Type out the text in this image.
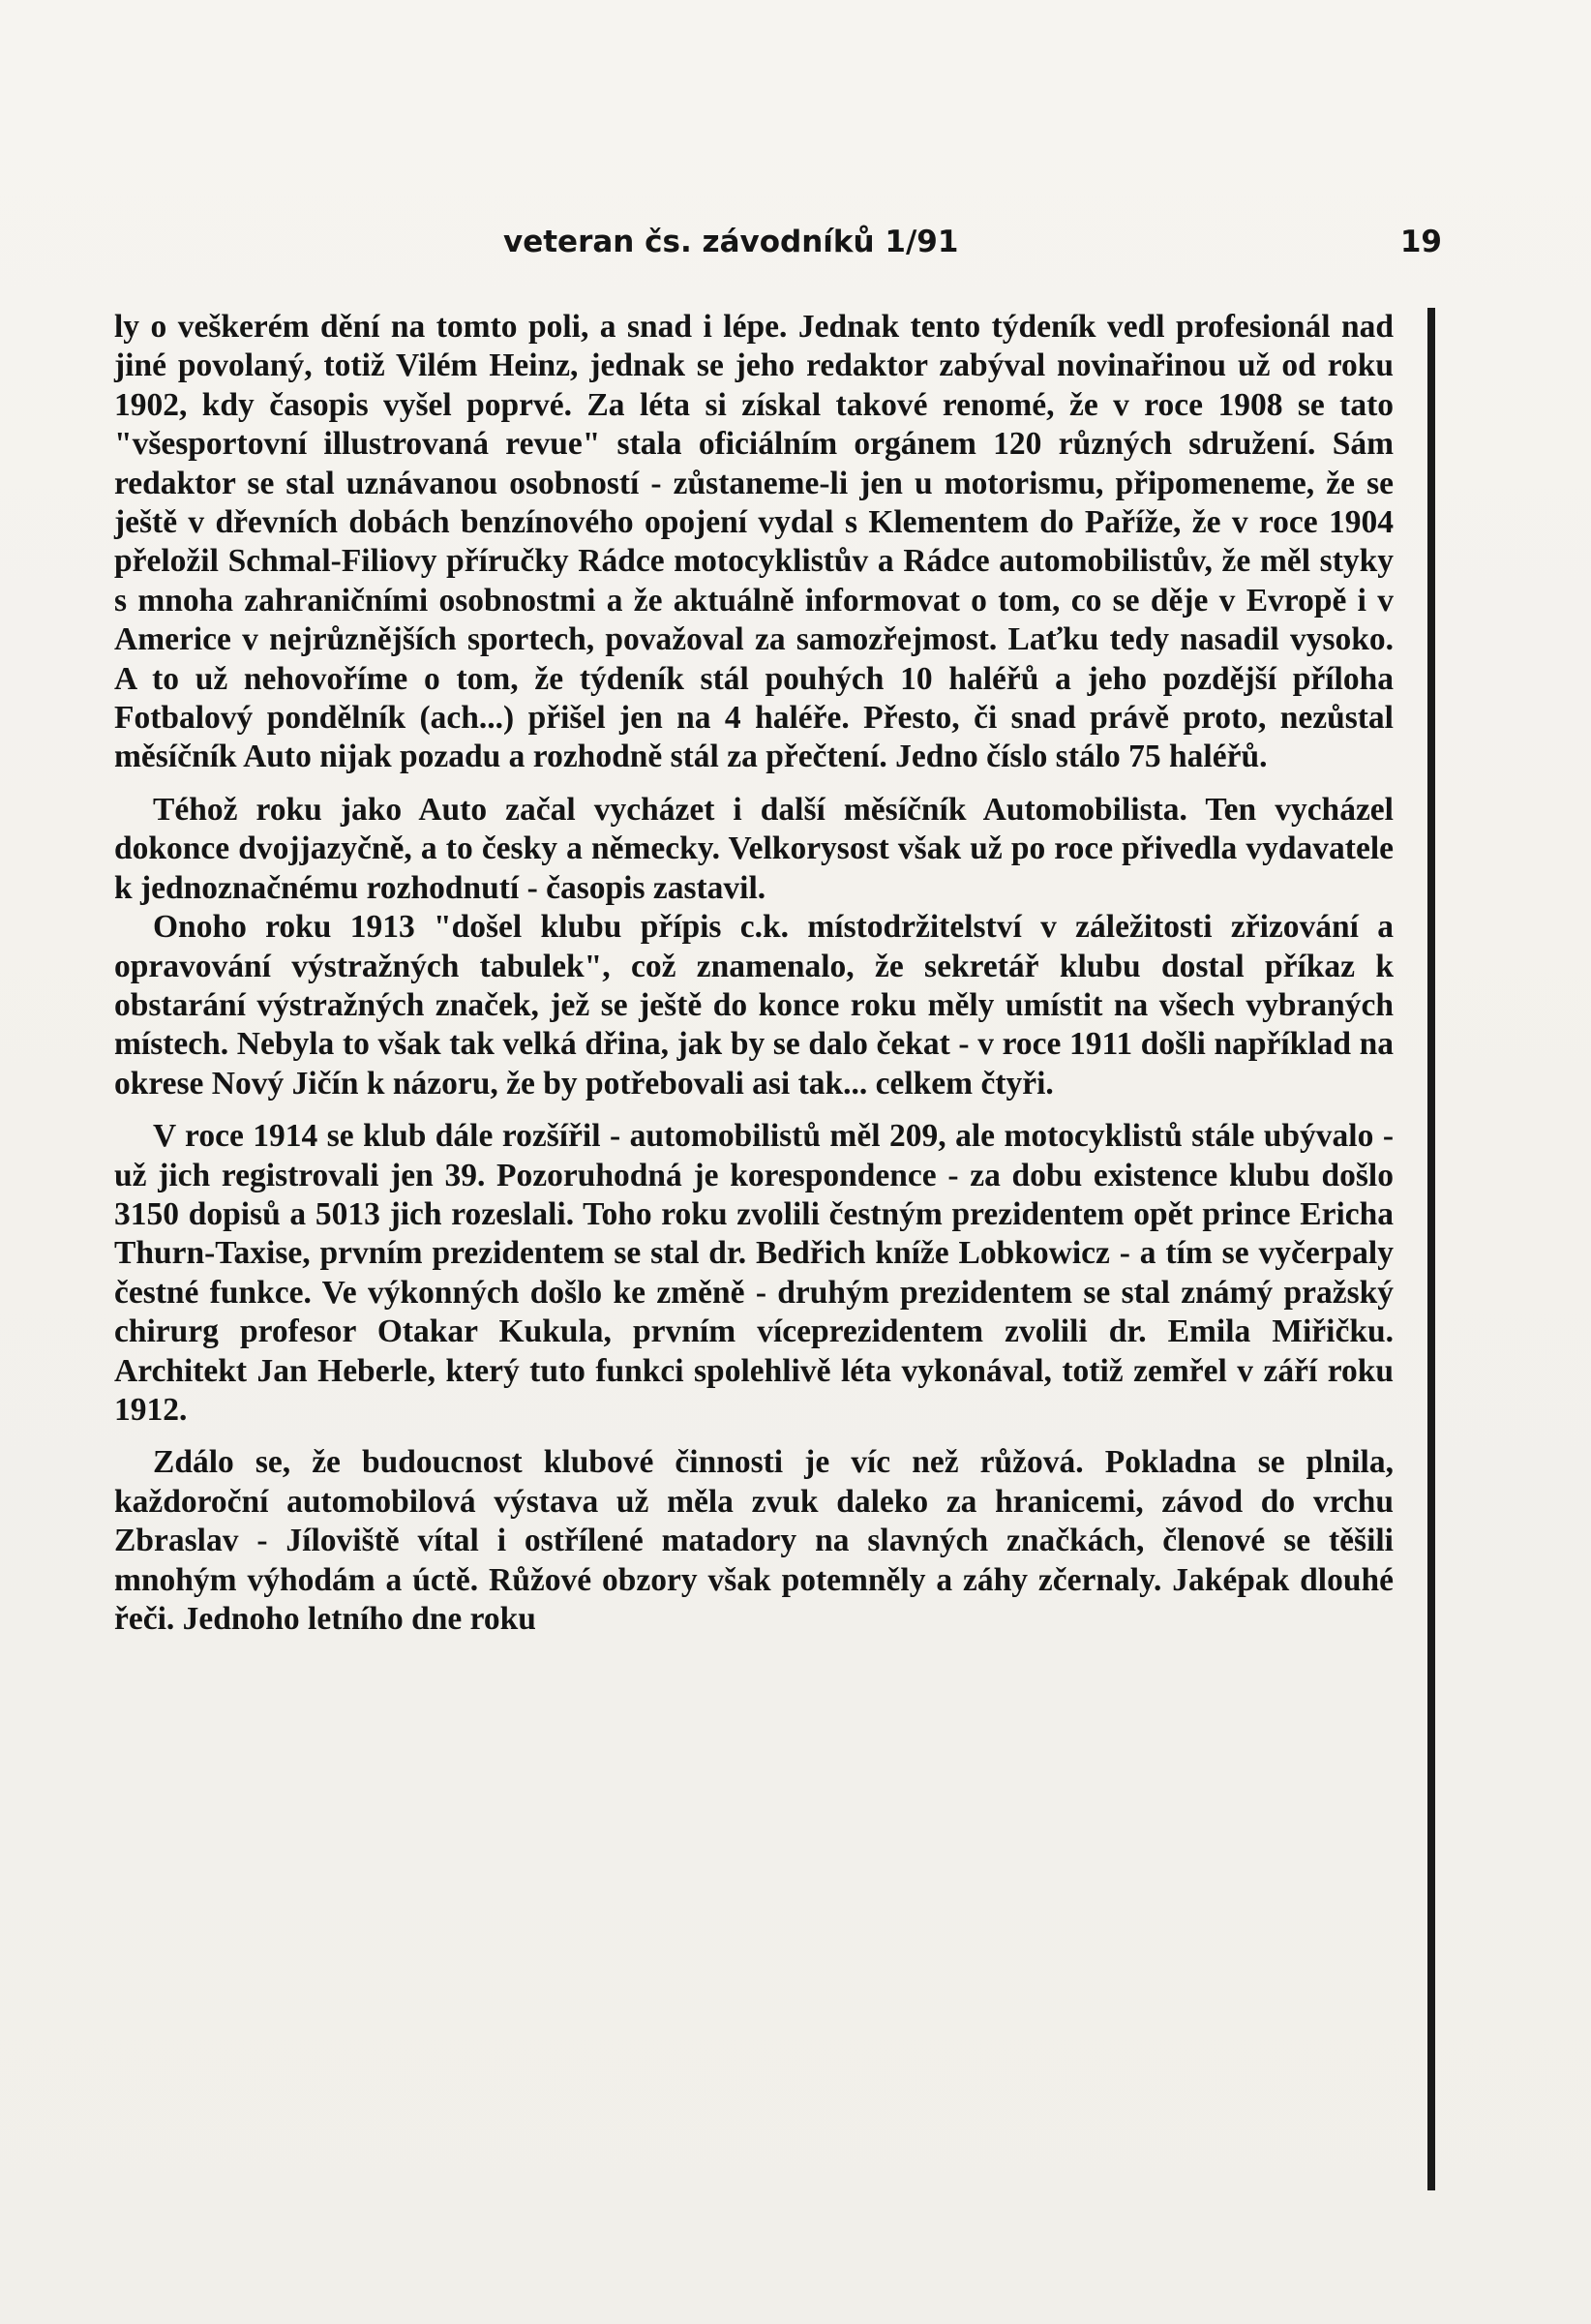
veteran čs. závodníků 1/91	19

ly o veškerém dění na tomto poli, a snad i lépe. Jednak tento týdeník vedl profesionál nad jiné povolaný, totiž Vilém Heinz, jednak se jeho redaktor zabýval novinařinou už od roku 1902, kdy časopis vyšel poprvé. Za léta si získal takové renomé, že v roce 1908 se tato "všesportovní illustrovaná revue" stala oficiálním orgánem 120 různých sdružení. Sám redaktor se stal uznávanou osobností - zůstaneme-li jen u motorismu, připomeneme, že se ještě v dřevních dobách benzínového opojení vydal s Klementem do Paříže, že v roce 1904 přeložil Schmal-Filiovy příručky Rádce motocyklistův a Rádce automobilistův, že měl styky s mnoha zahraničními osobnostmi a že aktuálně informovat o tom, co se děje v Evropě i v Americe v nejrůznějších sportech, považoval za samozřejmost. Laťku tedy nasadil vysoko. A to už nehovoříme o tom, že týdeník stál pouhých 10 haléřů a jeho pozdější příloha Fotbalový pondělník (ach...) přišel jen na 4 haléře. Přesto, či snad právě proto, nezůstal měsíčník Auto nijak pozadu a rozhodně stál za přečtení. Jedno číslo stálo 75 haléřů.

Téhož roku jako Auto začal vycházet i další měsíčník Automobilista. Ten vycházel dokonce dvojjazyčně, a to česky a německy. Velkorysost však už po roce přivedla vydavatele k jednoznačnému rozhodnutí - časopis zastavil.

Onoho roku 1913 "došel klubu přípis c.k. místodržitelství v záležitosti zřizování a opravování výstražných tabulek", což znamenalo, že sekretář klubu dostal příkaz k obstarání výstražných značek, jež se ještě do konce roku měly umístit na všech vybraných místech. Nebyla to však tak velká dřina, jak by se dalo čekat - v roce 1911 došli například na okrese Nový Jičín k názoru, že by potřebovali asi tak... celkem čtyři.

V roce 1914 se klub dále rozšířil - automobilistů měl 209, ale motocyklistů stále ubývalo - už jich registrovali jen 39. Pozoruhodná je korespondence - za dobu existence klubu došlo 3150 dopisů a 5013 jich rozeslali. Toho roku zvolili čestným prezidentem opět prince Ericha Thurn-Taxise, prvním prezidentem se stal dr. Bedřich kníže Lobkowicz - a tím se vyčerpaly čestné funkce. Ve výkonných došlo ke změně - druhým prezidentem se stal známý pražský chirurg profesor Otakar Kukula, prvním víceprezidentem zvolili dr. Emila Miřičku. Architekt Jan Heberle, který tuto funkci spolehlivě léta vykonával, totiž zemřel v září roku 1912.

Zdálo se, že budoucnost klubové činnosti je víc než růžová. Pokladna se plnila, každoroční automobilová výstava už měla zvuk daleko za hranicemi, závod do vrchu Zbraslav - Jíloviště vítal i ostřílené matadory na slavných značkách, členové se těšili mnohým výhodám a úctě. Růžové obzory však potemněly a záhy zčernaly. Jaképak dlouhé řeči. Jednoho letního dne roku
